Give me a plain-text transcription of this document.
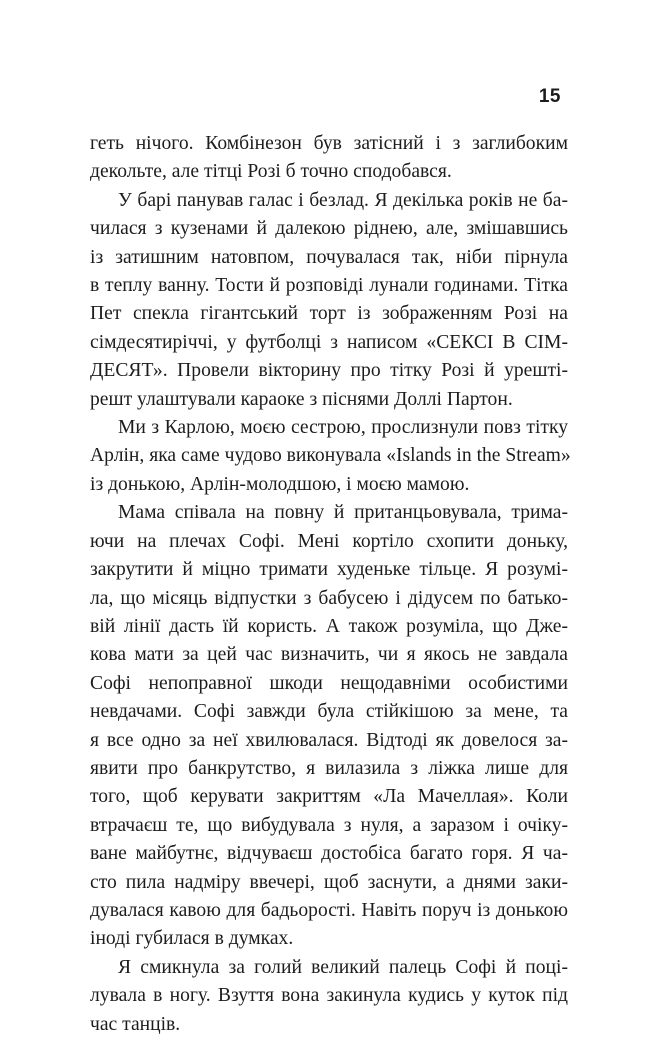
15
геть нічого. Комбінезон був затісний і з заглибоким
декольте, але тітці Розі б точно сподобався.
У барі панував галас і безлад. Я декілька років не ба-
чилася з кузенами й далекою ріднею, але, змішавшись
із затишним натовпом, почувалася так, ніби пірнула
в теплу ванну. Тости й розповіді лунали годинами. Тітка
Пет спекла гігантський торт із зображенням Розі на
сімдесятиріччі, у футболці з написом «СЕКСІ В СІМ-
ДЕСЯТ». Провели вікторину про тітку Розі й урешті-
решт улаштували караоке з піснями Доллі Партон.
Ми з Карлою, моєю сестрою, прослизнули повз тітку
Арлін, яка саме чудово виконувала «Islands in the Stream»
із донькою, Арлін-молодшою, і моєю мамою.
Мама співала на повну й пританцьовувала, трима-
ючи на плечах Софі. Мені кортіло схопити доньку,
закрутити й міцно тримати худеньке тільце. Я розумі-
ла, що місяць відпустки з бабусею і дідусем по батько-
вій лінії дасть їй користь. А також розуміла, що Дже-
кова мати за цей час визначить, чи я якось не завдала
Софі непоправної шкоди нещодавніми особистими
невдачами. Софі завжди була стійкішою за мене, та
я все одно за неї хвилювалася. Відтоді як довелося за-
явити про банкрутство, я вилазила з ліжка лише для
того, щоб керувати закриттям «Ла Мачеллая». Коли
втрачаєш те, що вибудувала з нуля, а заразом і очіку-
ване майбутнє, відчуваєш достобіса багато горя. Я ча-
сто пила надміру ввечері, щоб заснути, а днями заки-
дувалася кавою для бадьорості. Навіть поруч із донькою
іноді губилася в думках.
Я смикнула за голий великий палець Софі й поці-
лувала в ногу. Взуття вона закинула кудись у куток під
час танців.
